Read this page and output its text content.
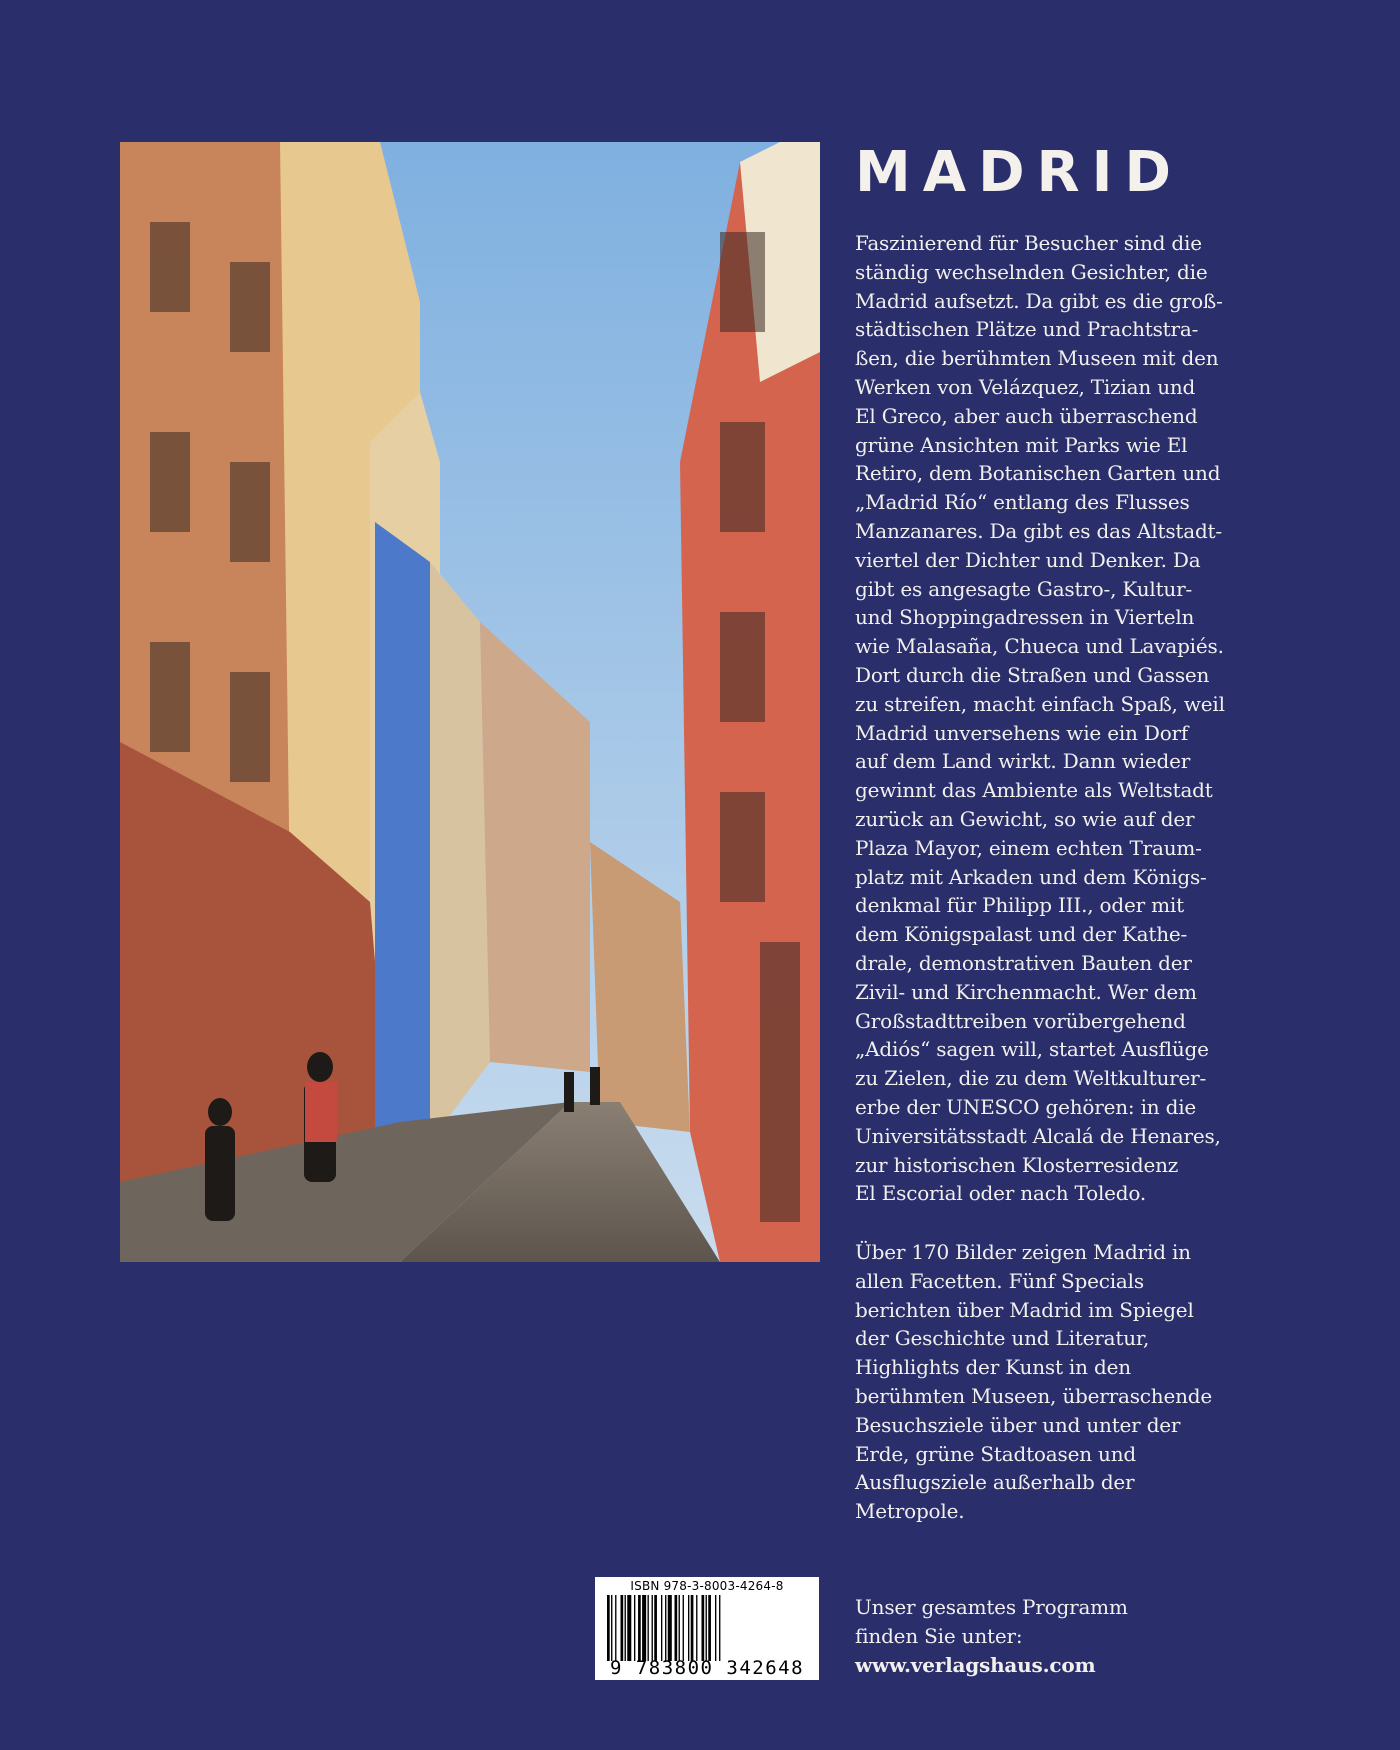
MADRID

Faszinierend für Besucher sind die
ständig wechselnden Gesichter, die
Madrid aufsetzt. Da gibt es die groß-
städtischen Plätze und Prachtstra-
ßen, die berühmten Museen mit den
Werken von Velázquez, Tizian und
El Greco, aber auch überraschend
grüne Ansichten mit Parks wie El
Retiro, dem Botanischen Garten und
„Madrid Río“ entlang des Flusses
Manzanares. Da gibt es das Altstadt-
viertel der Dichter und Denker. Da
gibt es angesagte Gastro-, Kultur-
und Shoppingadressen in Vierteln
wie Malasaña, Chueca und Lavapiés.
Dort durch die Straßen und Gassen
zu streifen, macht einfach Spaß, weil
Madrid unversehens wie ein Dorf
auf dem Land wirkt. Dann wieder
gewinnt das Ambiente als Weltstadt
zurück an Gewicht, so wie auf der
Plaza Mayor, einem echten Traum-
platz mit Arkaden und dem Königs-
denkmal für Philipp III., oder mit
dem Königspalast und der Kathe-
drale, demonstrativen Bauten der
Zivil- und Kirchenmacht. Wer dem
Großstadttreiben vorübergehend
„Adiós“ sagen will, startet Ausflüge
zu Zielen, die zu dem Weltkulturer-
erbe der UNESCO gehören: in die
Universitätsstadt Alcalá de Henares,
zur historischen Klosterresidenz
El Escorial oder nach Toledo.

Über 170 Bilder zeigen Madrid in
allen Facetten. Fünf Specials
berichten über Madrid im Spiegel
der Geschichte und Literatur,
Highlights der Kunst in den
berühmten Museen, überraschende
Besuchsziele über und unter der
Erde, grüne Stadtoasen und
Ausflugsziele außerhalb der
Metropole.

Unser gesamtes Programm
finden Sie unter:

www.verlagshaus.com
ISBN 978-3-8003-4264-8
9 783800 342648
